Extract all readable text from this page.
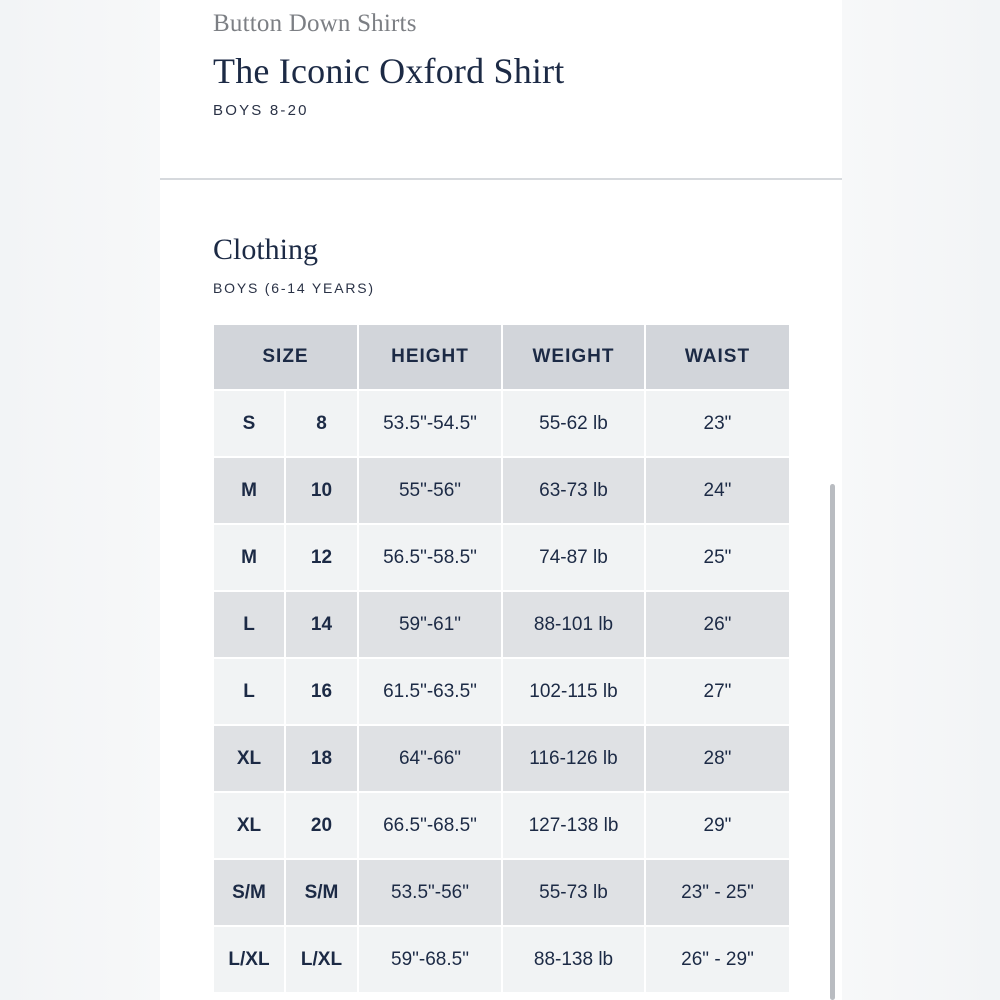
Button Down Shirts
The Iconic Oxford Shirt
BOYS 8-20
Clothing
BOYS (6-14 YEARS)
SIZE		HEIGHT	WEIGHT	WAIST
S	8	53.5"-54.5"	55-62 lb	23"
M	10	55"-56"	63-73 lb	24"
M	12	56.5"-58.5"	74-87 lb	25"
L	14	59"-61"	88-101 lb	26"
L	16	61.5"-63.5"	102-115 lb	27"
XL	18	64"-66"	116-126 lb	28"
XL	20	66.5"-68.5"	127-138 lb	29"
S/M	S/M	53.5"-56"	55-73 lb	23" - 25"
L/XL	L/XL	59"-68.5"	88-138 lb	26" - 29"
